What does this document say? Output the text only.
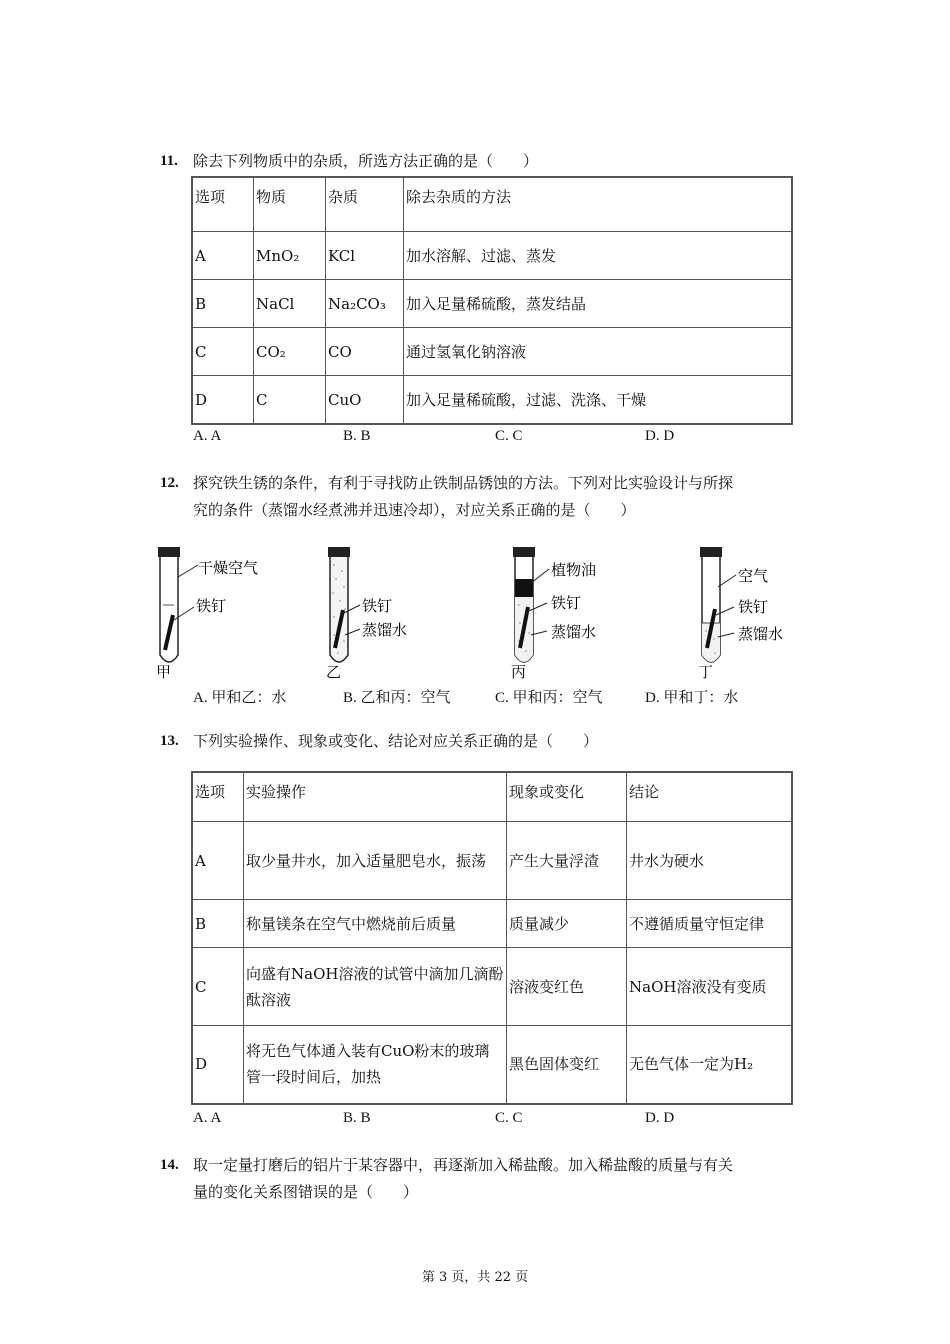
11. 除去下列物质中的杂质，所选方法正确的是（　　）
选项	物质	杂质	除去杂质的方法
A	MnO₂	KCl	加水溶解、过滤、蒸发
B	NaCl	Na₂CO₃	加入足量稀硫酸，蒸发结晶
C	CO₂	CO	通过氢氧化钠溶液
D	C	CuO	加入足量稀硫酸，过滤、洗涤、干燥
A. A	B. B	C. C	D. D
12. 探究铁生锈的条件，有利于寻找防止铁制品锈蚀的方法。下列对比实验设计与所探
究的条件（蒸馏水经煮沸并迅速冷却），对应关系正确的是（　　）
干燥空气
铁钉
甲
铁钉
蒸馏水
乙
植物油
铁钉
蒸馏水
丙
空气
铁钉
蒸馏水
丁
A. 甲和乙：水	B. 乙和丙：空气	C. 甲和丙：空气	D. 甲和丁：水
13. 下列实验操作、现象或变化、结论对应关系正确的是（　　）
选项	实验操作	现象或变化	结论
A	取少量井水，加入适量肥皂水，振荡	产生大量浮渣	井水为硬水
B	称量镁条在空气中燃烧前后质量	质量减少	不遵循质量守恒定律
C	向盛有NaOH溶液的试管中滴加几滴酚酞溶液	溶液变红色	NaOH溶液没有变质
D	将无色气体通入装有CuO粉末的玻璃管一段时间后，加热	黑色固体变红	无色气体一定为H₂
A. A	B. B	C. C	D. D
14. 取一定量打磨后的铝片于某容器中，再逐渐加入稀盐酸。加入稀盐酸的质量与有关
量的变化关系图错误的是（　　）
第 3 页，共 22 页
